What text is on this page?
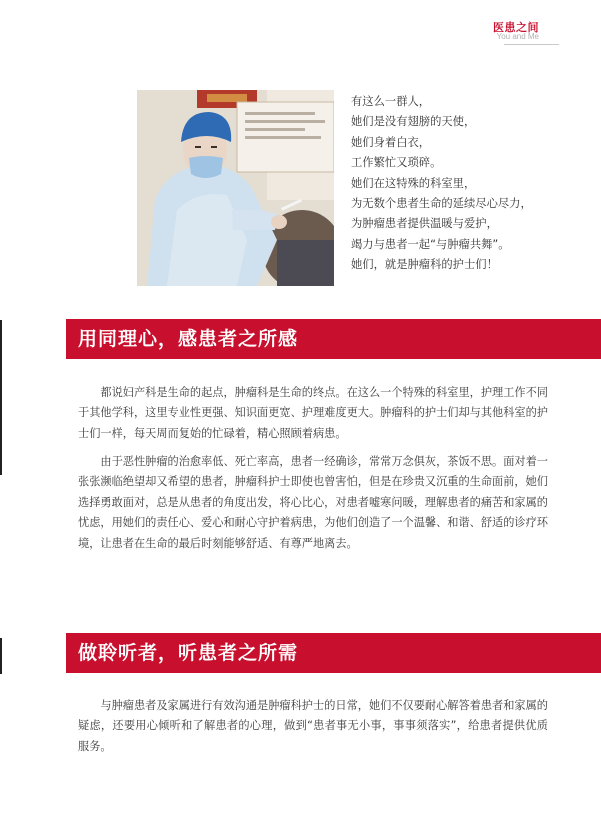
医患之间
You and Me
有这么一群人，
她们是没有翅膀的天使，
她们身着白衣，
工作繁忙又琐碎。
她们在这特殊的科室里，
为无数个患者生命的延续尽心尽力，
为肿瘤患者提供温暖与爱护，
竭力与患者一起“与肿瘤共舞”。
她们，就是肿瘤科的护士们！
用同理心，感患者之所感
都说妇产科是生命的起点，肿瘤科是生命的终点。在这么一个特殊的科室里，护理工作不同于其他学科，这里专业性更强、知识面更宽、护理难度更大。肿瘤科的护士们却与其他科室的护士们一样，每天周而复始的忙碌着，精心照顾着病患。
由于恶性肿瘤的治愈率低、死亡率高，患者一经确诊，常常万念俱灰，茶饭不思。面对着一张张濒临绝望却又希望的患者，肿瘤科护士即使也曾害怕，但是在珍贵又沉重的生命面前，她们选择勇敢面对，总是从患者的角度出发，将心比心，对患者嘘寒问暖，理解患者的痛苦和家属的忧虑，用她们的责任心、爱心和耐心守护着病患，为他们创造了一个温馨、和谐、舒适的诊疗环境，让患者在生命的最后时刻能够舒适、有尊严地离去。
做聆听者，听患者之所需
与肿瘤患者及家属进行有效沟通是肿瘤科护士的日常，她们不仅要耐心解答着患者和家属的疑虑，还要用心倾听和了解患者的心理，做到“患者事无小事，事事须落实”，给患者提供优质服务。
